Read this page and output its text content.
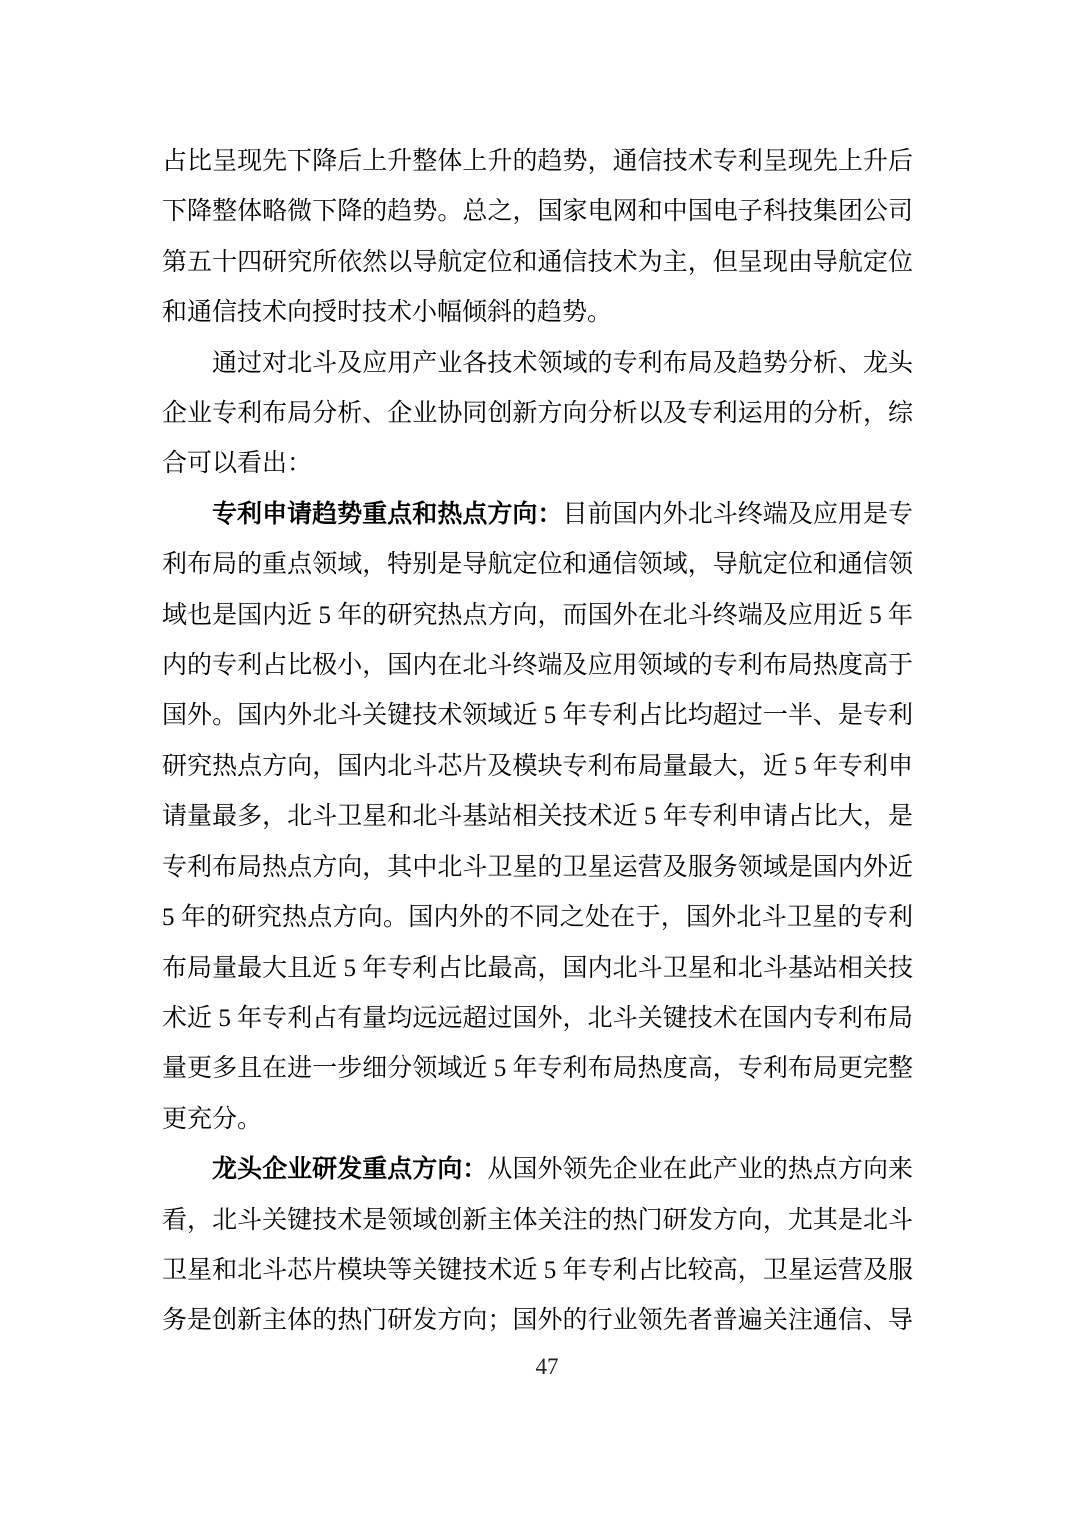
占比呈现先下降后上升整体上升的趋势，通信技术专利呈现先上升后
下降整体略微下降的趋势。总之，国家电网和中国电子科技集团公司
第五十四研究所依然以导航定位和通信技术为主，但呈现由导航定位
和通信技术向授时技术小幅倾斜的趋势。
通过对北斗及应用产业各技术领域的专利布局及趋势分析、龙头
企业专利布局分析、企业协同创新方向分析以及专利运用的分析，综
合可以看出：
专利申请趋势重点和热点方向：目前国内外北斗终端及应用是专
利布局的重点领域，特别是导航定位和通信领域，导航定位和通信领
域也是国内近 5 年的研究热点方向，而国外在北斗终端及应用近 5 年
内的专利占比极小，国内在北斗终端及应用领域的专利布局热度高于
国外。国内外北斗关键技术领域近 5 年专利占比均超过一半、是专利
研究热点方向，国内北斗芯片及模块专利布局量最大，近 5 年专利申
请量最多，北斗卫星和北斗基站相关技术近 5 年专利申请占比大，是
专利布局热点方向，其中北斗卫星的卫星运营及服务领域是国内外近
5 年的研究热点方向。国内外的不同之处在于，国外北斗卫星的专利
布局量最大且近 5 年专利占比最高，国内北斗卫星和北斗基站相关技
术近 5 年专利占有量均远远超过国外，北斗关键技术在国内专利布局
量更多且在进一步细分领域近 5 年专利布局热度高，专利布局更完整
更充分。
龙头企业研发重点方向：从国外领先企业在此产业的热点方向来
看，北斗关键技术是领域创新主体关注的热门研发方向，尤其是北斗
卫星和北斗芯片模块等关键技术近 5 年专利占比较高，卫星运营及服
务是创新主体的热门研发方向；国外的行业领先者普遍关注通信、导
47
